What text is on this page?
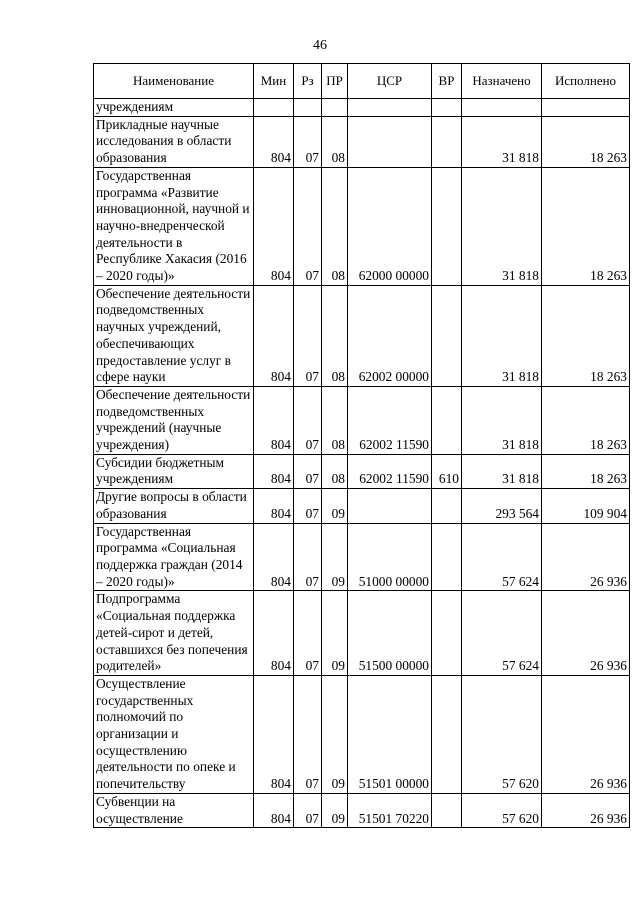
46
Наименование	Мин	Рз	ПР	ЦСР	ВР	Назначено	Исполнено
учреждениям							
Прикладные научные исследования в области образования	804	07	08			31 818	18 263
Государственная программа «Развитие инновационной, научной и научно-внедренческой деятельности в Республике Хакасия (2016 – 2020 годы)»	804	07	08	62000 00000		31 818	18 263
Обеспечение деятельности подведомственных научных учреждений, обеспечивающих предоставление услуг в сфере науки	804	07	08	62002 00000		31 818	18 263
Обеспечение деятельности подведомственных учреждений (научные учреждения)	804	07	08	62002 11590		31 818	18 263
Субсидии бюджетным учреждениям	804	07	08	62002 11590	610	31 818	18 263
Другие вопросы в области образования	804	07	09			293 564	109 904
Государственная программа «Социальная поддержка граждан (2014 – 2020 годы)»	804	07	09	51000 00000		57 624	26 936
Подпрограмма «Социальная поддержка детей-сирот и детей, оставшихся без попечения родителей»	804	07	09	51500 00000		57 624	26 936
Осуществление государственных полномочий по организации и осуществлению деятельности по опеке и попечительству	804	07	09	51501 00000		57 620	26 936
Субвенции на осуществление	804	07	09	51501 70220		57 620	26 936
